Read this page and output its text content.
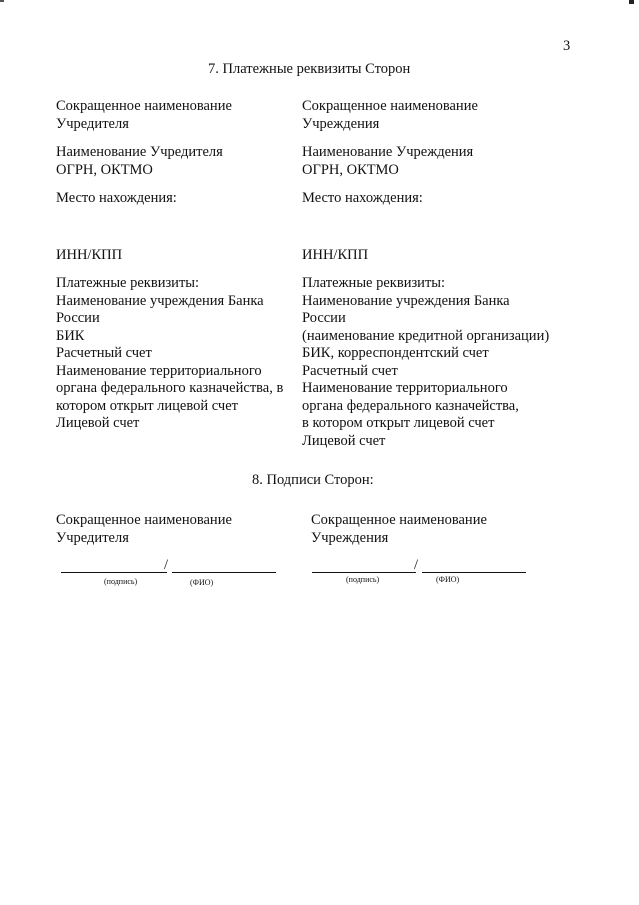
3
7. Платежные реквизиты Сторон
Сокращенное наименование
Учредителя
Наименование Учредителя
ОГРН, ОКТМО
Место нахождения:
ИНН/КПП
Платежные реквизиты:
Наименование учреждения Банка
России
БИК
Расчетный счет
Наименование территориального
органа федерального казначейства, в
котором открыт лицевой счет
Лицевой счет
Сокращенное наименование
Учреждения
Наименование Учреждения
ОГРН, ОКТМО
Место нахождения:
ИНН/КПП
Платежные реквизиты:
Наименование учреждения Банка
России
(наименование кредитной организации)
БИК, корреспондентский счет
Расчетный счет
Наименование территориального
органа федерального казначейства,
в котором открыт лицевой счет
Лицевой счет
8. Подписи Сторон:
Сокращенное наименование
Учредителя
Сокращенное наименование
Учреждения
/
(подпись)	(ФИО)
/
(подпись)	(ФИО)
